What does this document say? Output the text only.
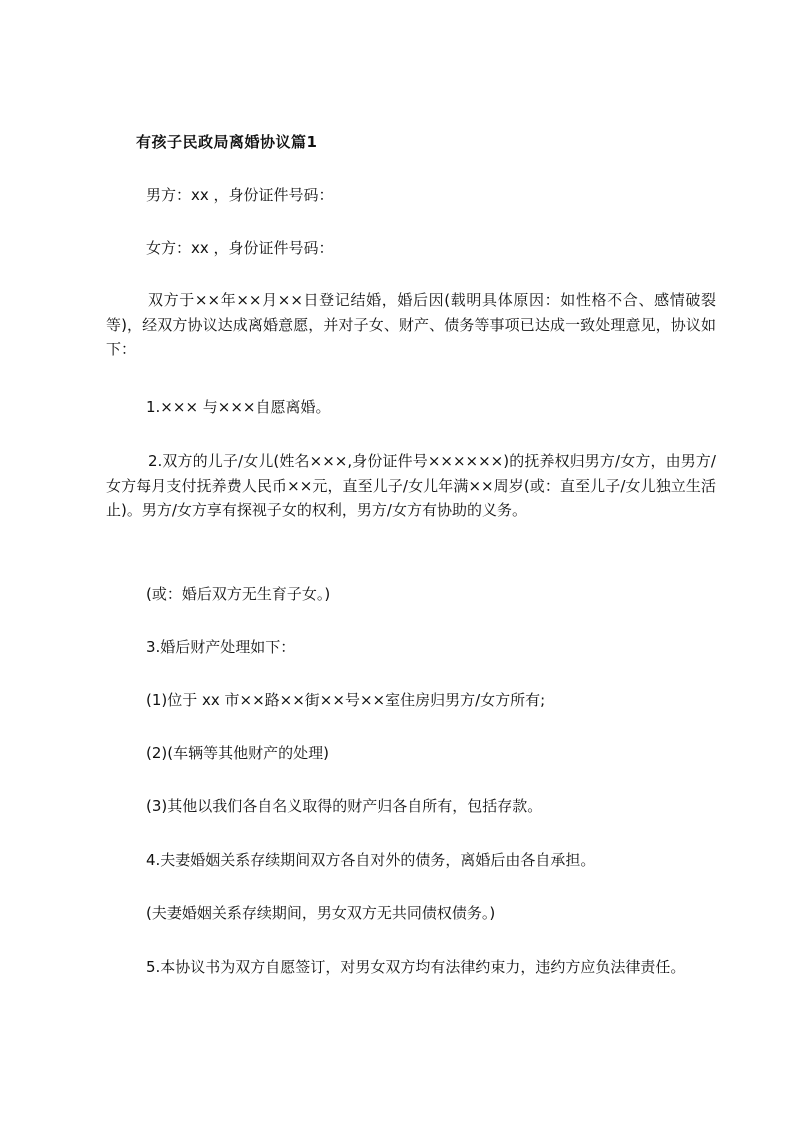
有孩子民政局离婚协议篇1
男方：xx ，身份证件号码：
女方：xx ，身份证件号码：
双方于××年××月××日登记结婚，婚后因(载明具体原因：如性格不合、感情破裂等)，经双方协议达成离婚意愿，并对子女、财产、债务等事项已达成一致处理意见，协议如下：
1.××× 与×××自愿离婚。
2.双方的儿子/女儿(姓名×××,身份证件号××××××)的抚养权归男方/女方，由男方/女方每月支付抚养费人民币××元，直至儿子/女儿年满××周岁(或：直至儿子/女儿独立生活止)。男方/女方享有探视子女的权利，男方/女方有协助的义务。
(或：婚后双方无生育子女。)
3.婚后财产处理如下：
(1)位于 xx 市××路××街××号××室住房归男方/女方所有;
(2)(车辆等其他财产的处理)
(3)其他以我们各自名义取得的财产归各自所有，包括存款。
4.夫妻婚姻关系存续期间双方各自对外的债务，离婚后由各自承担。
(夫妻婚姻关系存续期间，男女双方无共同债权债务。)
5.本协议书为双方自愿签订，对男女双方均有法律约束力，违约方应负法律责任。
